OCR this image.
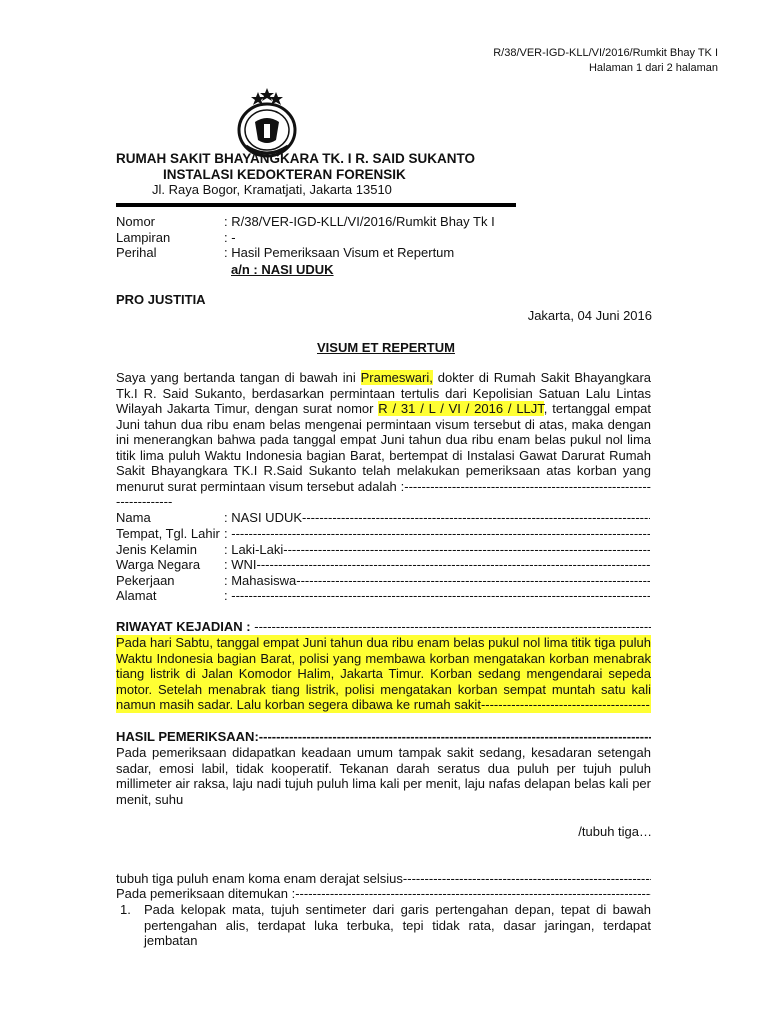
R/38/VER-IGD-KLL/VI/2016/Rumkit Bhay TK I
Halaman 1 dari 2 halaman
RUMAH SAKIT BHAYANGKARA TK. I R. SAID SUKANTO
INSTALASI KEDOKTERAN FORENSIK
Jl. Raya Bogor, Kramatjati, Jakarta 13510
Nomor	: R/38/VER-IGD-KLL/VI/2016/Rumkit Bhay Tk I
Lampiran	: -
Perihal	: Hasil Pemeriksaan Visum et Repertum
a/n : NASI UDUK
PRO JUSTITIA
Jakarta, 04 Juni 2016
VISUM ET REPERTUM
Saya yang bertanda tangan di bawah ini Prameswari, dokter di Rumah Sakit Bhayangkara Tk.I R. Said Sukanto, berdasarkan permintaan tertulis dari Kepolisian Satuan Lalu Lintas Wilayah Jakarta Timur, dengan surat nomor R / 31 / L / VI / 2016 / LLJT, tertanggal empat Juni tahun dua ribu enam belas mengenai permintaan visum tersebut di atas, maka dengan ini menerangkan bahwa pada tanggal empat Juni tahun dua ribu enam belas pukul nol lima titik lima puluh Waktu Indonesia bagian Barat, bertempat di Instalasi Gawat Darurat Rumah Sakit Bhayangkara TK.I R.Said Sukanto telah melakukan pemeriksaan atas korban yang menurut surat permintaan visum tersebut adalah :----------------------------------------------------------------------
Nama	: NASI UDUK -----
Tempat, Tgl. Lahir : -----
Jenis Kelamin : Laki-Laki -----
Warga Negara : WNI -----
Pekerjaan	: Mahasiswa -----
Alamat	: -----
RIWAYAT KEJADIAN : -----
Pada hari Sabtu, tanggal empat Juni tahun dua ribu enam belas pukul nol lima titik tiga puluh Waktu Indonesia bagian Barat, polisi yang membawa korban mengatakan korban menabrak tiang listrik di Jalan Komodor Halim, Jakarta Timur. Korban sedang mengendarai sepeda motor. Setelah menabrak tiang listrik, polisi mengatakan korban sempat muntah satu kali namun masih sadar. Lalu korban segera dibawa ke rumah sakit---------------------------------------
HASIL PEMERIKSAAN: -----
Pada pemeriksaan didapatkan keadaan umum tampak sakit sedang, kesadaran setengah sadar, emosi labil, tidak kooperatif. Tekanan darah seratus dua puluh per tujuh puluh millimeter air raksa, laju nadi tujuh puluh lima kali per menit, laju nafas delapan belas kali per menit, suhu
/tubuh tiga…
tubuh tiga puluh enam koma enam derajat selsius -----
Pada pemeriksaan ditemukan : -----
1. Pada kelopak mata, tujuh sentimeter dari garis pertengahan depan, tepat di bawah pertengahan alis, terdapat luka terbuka, tepi tidak rata, dasar jaringan, terdapat jembatan
